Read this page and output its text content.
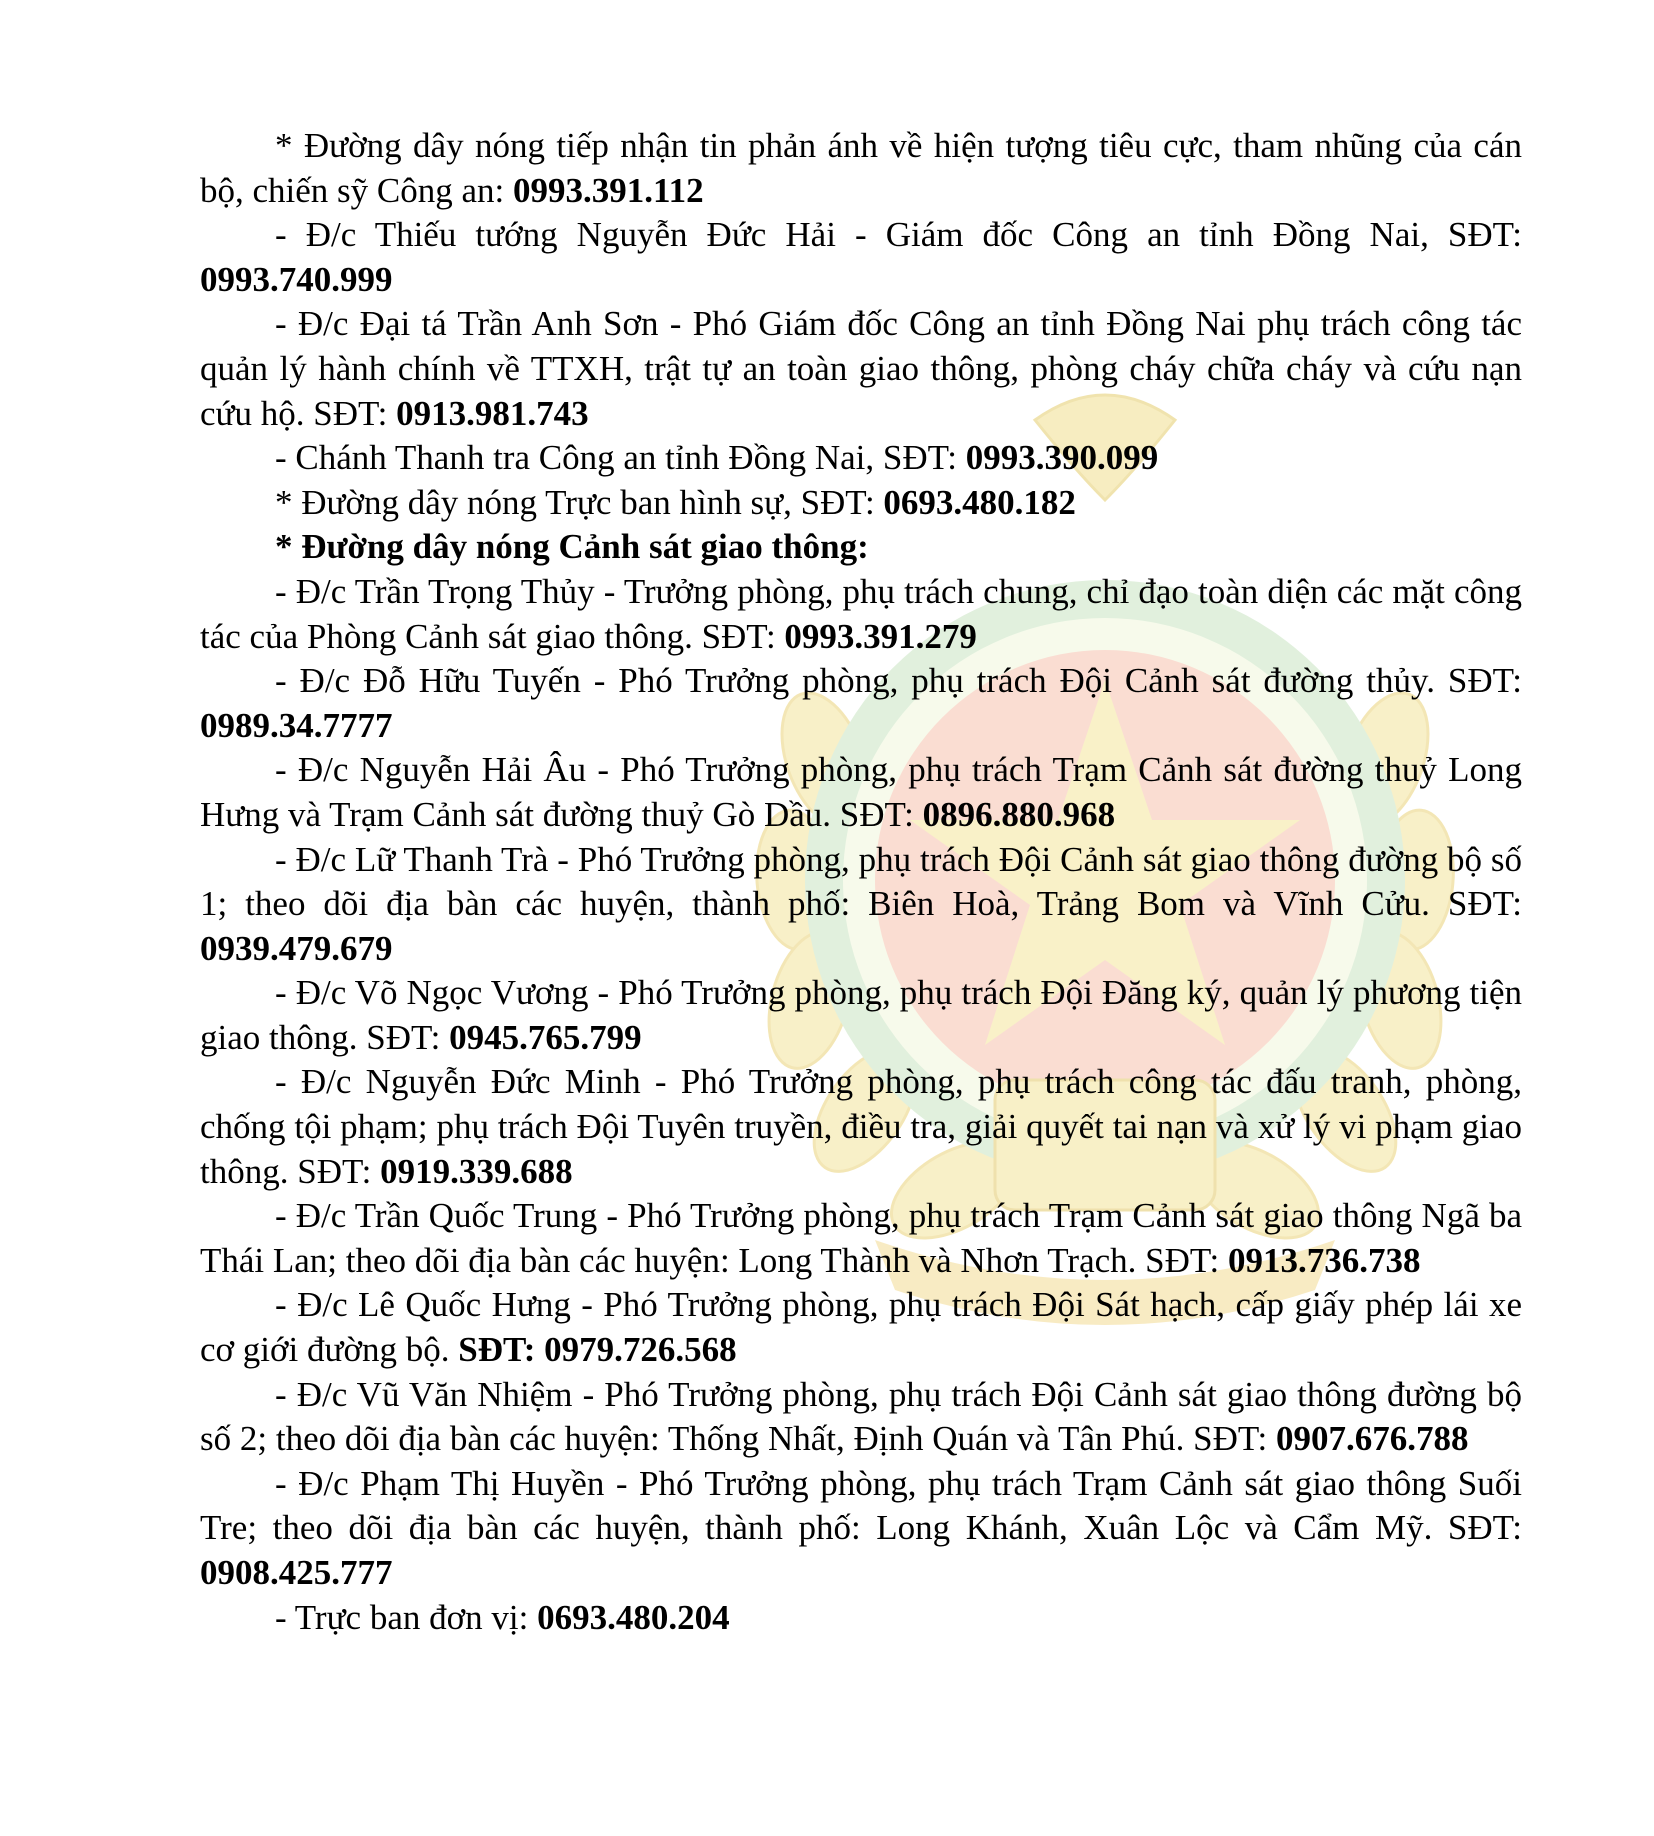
* Đường dây nóng tiếp nhận tin phản ánh về hiện tượng tiêu cực, tham nhũng của cán bộ, chiến sỹ Công an: 0993.391.112

- Đ/c Thiếu tướng Nguyễn Đức Hải - Giám đốc Công an tỉnh Đồng Nai, SĐT: 0993.740.999

- Đ/c Đại tá Trần Anh Sơn - Phó Giám đốc Công an tỉnh Đồng Nai phụ trách công tác quản lý hành chính về TTXH, trật tự an toàn giao thông, phòng cháy chữa cháy và cứu nạn cứu hộ. SĐT: 0913.981.743

- Chánh Thanh tra Công an tỉnh Đồng Nai, SĐT: 0993.390.099

* Đường dây nóng Trực ban hình sự, SĐT: 0693.480.182

* Đường dây nóng Cảnh sát giao thông:

- Đ/c Trần Trọng Thủy - Trưởng phòng, phụ trách chung, chỉ đạo toàn diện các mặt công tác của Phòng Cảnh sát giao thông. SĐT: 0993.391.279

- Đ/c Đỗ Hữu Tuyến - Phó Trưởng phòng, phụ trách Đội Cảnh sát đường thủy. SĐT: 0989.34.7777

- Đ/c Nguyễn Hải Âu - Phó Trưởng phòng, phụ trách Trạm Cảnh sát đường thuỷ Long Hưng và Trạm Cảnh sát đường thuỷ Gò Dầu. SĐT: 0896.880.968

- Đ/c Lữ Thanh Trà - Phó Trưởng phòng, phụ trách Đội Cảnh sát giao thông đường bộ số 1; theo dõi địa bàn các huyện, thành phố: Biên Hoà, Trảng Bom và Vĩnh Cửu. SĐT: 0939.479.679

- Đ/c Võ Ngọc Vương - Phó Trưởng phòng, phụ trách Đội Đăng ký, quản lý phương tiện giao thông. SĐT: 0945.765.799

- Đ/c Nguyễn Đức Minh - Phó Trưởng phòng, phụ trách công tác đấu tranh, phòng, chống tội phạm; phụ trách Đội Tuyên truyền, điều tra, giải quyết tai nạn và xử lý vi phạm giao thông. SĐT: 0919.339.688

- Đ/c Trần Quốc Trung - Phó Trưởng phòng, phụ trách Trạm Cảnh sát giao thông Ngã ba Thái Lan; theo dõi địa bàn các huyện: Long Thành và Nhơn Trạch. SĐT: 0913.736.738

- Đ/c Lê Quốc Hưng - Phó Trưởng phòng, phụ trách Đội Sát hạch, cấp giấy phép lái xe cơ giới đường bộ. SĐT: 0979.726.568

- Đ/c Vũ Văn Nhiệm - Phó Trưởng phòng, phụ trách Đội Cảnh sát giao thông đường bộ số 2; theo dõi địa bàn các huyện: Thống Nhất, Định Quán và Tân Phú. SĐT: 0907.676.788

- Đ/c Phạm Thị Huyền - Phó Trưởng phòng, phụ trách Trạm Cảnh sát giao thông Suối Tre; theo dõi địa bàn các huyện, thành phố: Long Khánh, Xuân Lộc và Cẩm Mỹ. SĐT: 0908.425.777

- Trực ban đơn vị: 0693.480.204
